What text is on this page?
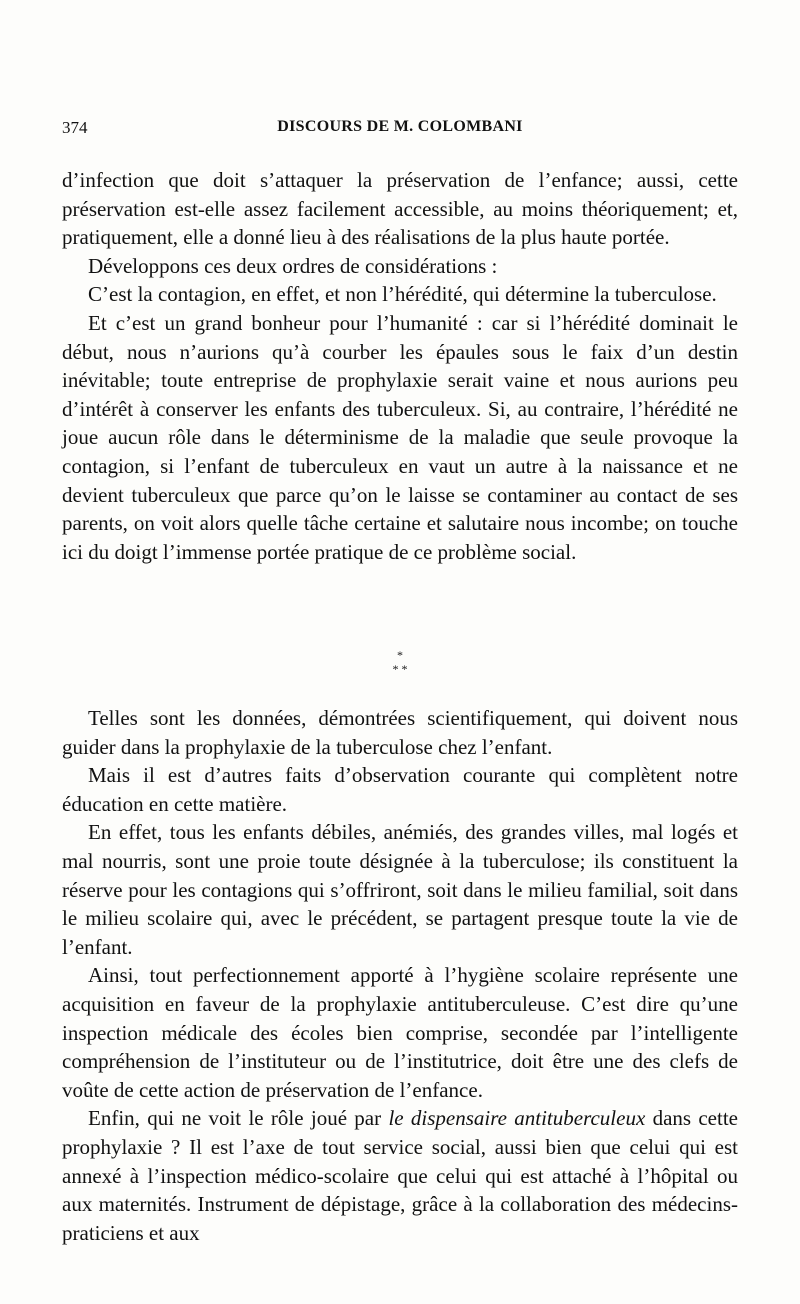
374	DISCOURS DE M. COLOMBANI

d’infection que doit s’attaquer la préservation de l’enfance; aussi, cette préservation est-elle assez facilement accessible, au moins théoriquement; et, pratiquement, elle a donné lieu à des réalisations de la plus haute portée.

Développons ces deux ordres de considérations :

C’est la contagion, en effet, et non l’hérédité, qui détermine la tuberculose.

Et c’est un grand bonheur pour l’humanité : car si l’hérédité dominait le début, nous n’aurions qu’à courber les épaules sous le faix d’un destin inévitable; toute entreprise de prophylaxie serait vaine et nous aurions peu d’intérêt à conserver les enfants des tuberculeux. Si, au contraire, l’hérédité ne joue aucun rôle dans le déterminisme de la maladie que seule provoque la contagion, si l’enfant de tuberculeux en vaut un autre à la naissance et ne devient tuberculeux que parce qu’on le laisse se contaminer au contact de ses parents, on voit alors quelle tâche certaine et salutaire nous incombe; on touche ici du doigt l’immense portée pratique de ce problème social.

*
* *

Telles sont les données, démontrées scientifiquement, qui doivent nous guider dans la prophylaxie de la tuberculose chez l’enfant.

Mais il est d’autres faits d’observation courante qui complètent notre éducation en cette matière.

En effet, tous les enfants débiles, anémiés, des grandes villes, mal logés et mal nourris, sont une proie toute désignée à la tuberculose; ils constituent la réserve pour les contagions qui s’offriront, soit dans le milieu familial, soit dans le milieu scolaire qui, avec le précédent, se partagent presque toute la vie de l’enfant.

Ainsi, tout perfectionnement apporté à l’hygiène scolaire représente une acquisition en faveur de la prophylaxie antituberculeuse. C’est dire qu’une inspection médicale des écoles bien comprise, secondée par l’intelligente compréhension de l’instituteur ou de l’institutrice, doit être une des clefs de voûte de cette action de préservation de l’enfance.

Enfin, qui ne voit le rôle joué par le dispensaire antituberculeux dans cette prophylaxie ? Il est l’axe de tout service social, aussi bien que celui qui est annexé à l’inspection médico-scolaire que celui qui est attaché à l’hôpital ou aux maternités. Instrument de dépistage, grâce à la collaboration des médecins-praticiens et aux
